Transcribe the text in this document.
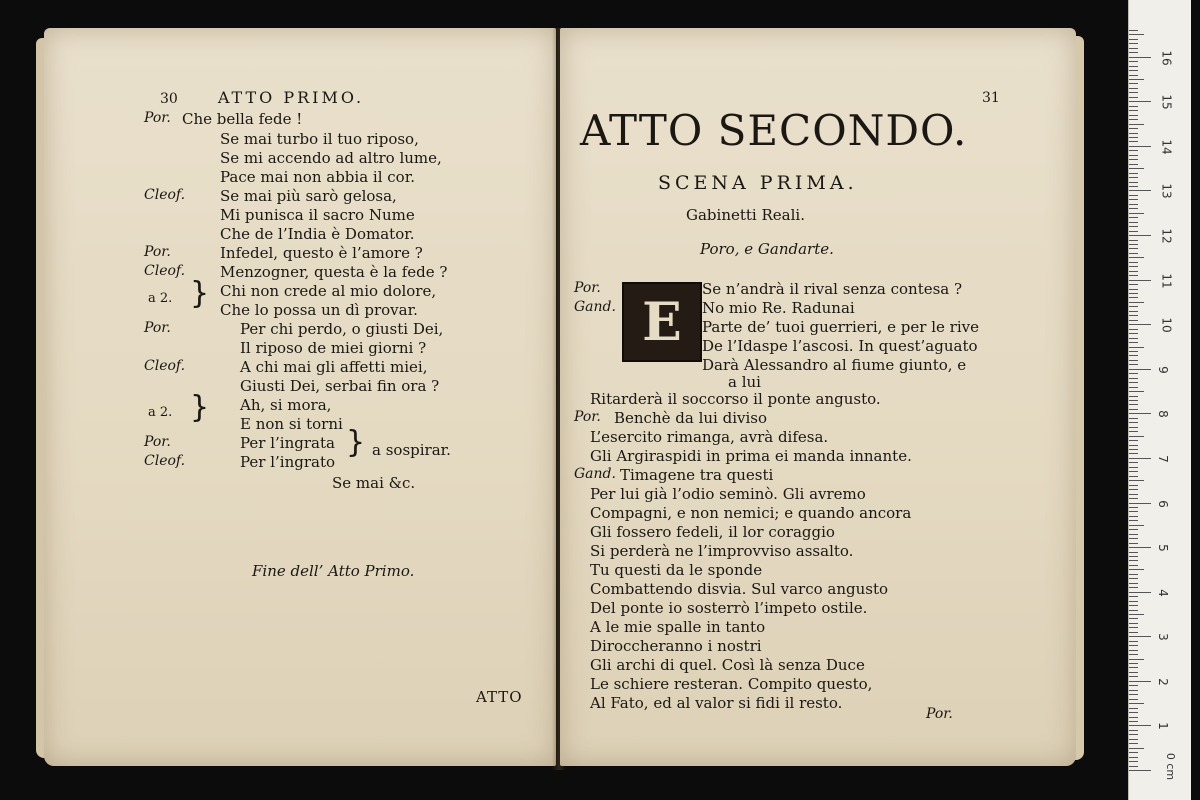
30	ATTO PRIMO.
Por. Che bella fede !
Se mai turbo il tuo riposo,
Se mi accendo ad altro lume,
Pace mai non abbia il cor.
Cleof. Se mai più sarò gelosa,
Mi punisca il sacro Nume
Che de l’India è Domator.
Por.	Infedel, questo è l’amore ?
Cleof. Menzogner, questa è la fede ?
a 2. } Chi non crede al mio dolore,
Che lo possa un dì provar.
Por.	Per chi perdo, o giusti Dei,
Il riposo de miei giorni ?
Cleof.	A chi mai gli affetti miei,
Giusti Dei, serbai fin ora ?
a 2. } Ah, si mora,
E non si torni
Por.	Per l’ingrata
Cleof.	Per l’ingrato
} a sospirar.
Se mai &c.
Fine dell’ Atto Primo.
ATTO
31
ATTO SECONDO.
SCENA PRIMA.
Gabinetti Reali.
Poro, e Gandarte.
E
Por.	Se n’andrà il rival senza contesa ?
Gand.	No mio Re. Radunai
Parte de’ tuoi guerrieri, e per le rive
De l’Idaspe l’ascosi. In quest’aguato
Darà Alessandro al fiume giunto, e
a lui
Ritarderà il soccorso il ponte angusto.
Por. Benchè da lui diviso
L’esercito rimanga, avrà difesa.
Gli Argiraspidi in prima ei manda innante.
Gand. Timagene tra questi
Per lui già l’odio seminò. Gli avremo
Compagni, e non nemici; e quando ancora
Gli fossero fedeli, il lor coraggio
Si perderà ne l’improvviso assalto.
Tu questi da le sponde
Combattendo disvia. Sul varco angusto
Del ponte io sosterrò l’impeto ostile.
A le mie spalle in tanto
Diroccheranno i nostri
Gli archi di quel. Così là senza Duce
Le schiere resteran. Compito questo,
Al Fato, ed al valor si fidi il resto.
Por.
0 cm
16
15
14
13
12
11
10
9
8
7
6
5
4
3
2
1
